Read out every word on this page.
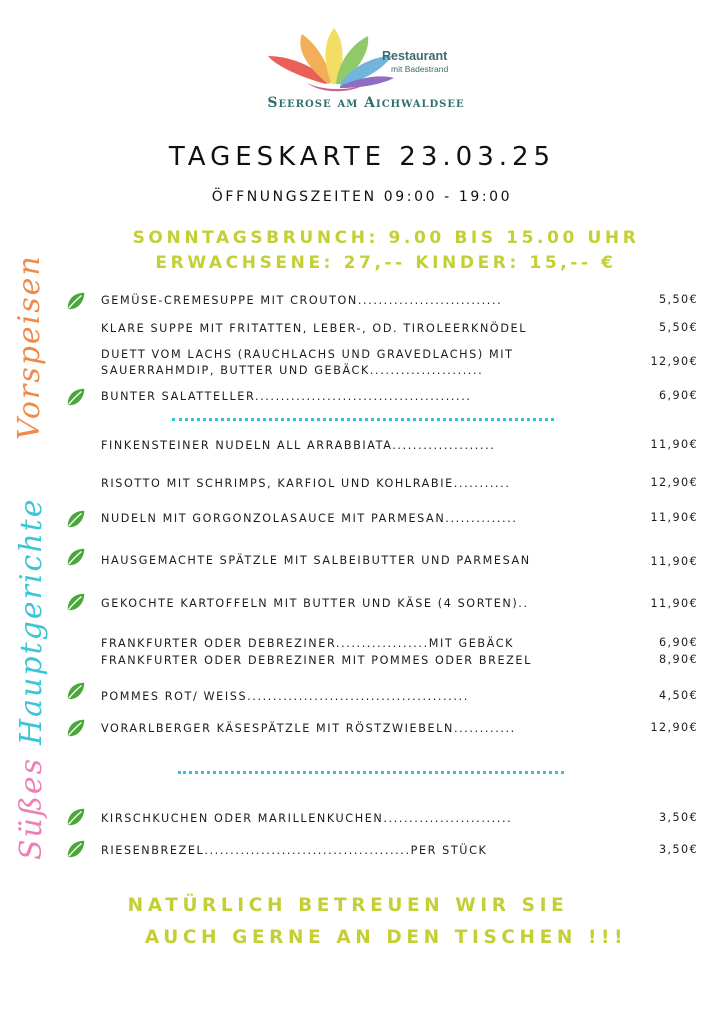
Restaurant
mit Badestrand
Seerose am Aichwaldsee
TAGESKARTE 23.03.25
ÖFFNUNGSZEITEN 09:00 - 19:00
SONNTAGSBRUNCH: 9.00 BIS 15.00 UHR
ERWACHSENE: 27,-- KINDER: 15,-- €
Vorspeisen
Hauptgerichte
Süßes
GEMÜSE-CREMESUPPE MIT CROUTON............................	5,50€
KLARE SUPPE MIT FRITATTEN, LEBER-, OD. TIROLEERKNÖDEL	5,50€
DUETT VOM LACHS (RAUCHLACHS UND GRAVEDLACHS) MIT
SAUERRAHMDIP, BUTTER UND GEBÄCK......................
12,90€
BUNTER SALATTELLER..........................................	6,90€
FINKENSTEINER NUDELN ALL ARRABBIATA....................	11,90€
RISOTTO MIT SCHRIMPS, KARFIOL UND KOHLRABIE...........	12,90€
NUDELN MIT GORGONZOLASAUCE MIT PARMESAN..............	11,90€
HAUSGEMACHTE SPÄTZLE MIT SALBEIBUTTER UND PARMESAN	11,90€
GEKOCHTE KARTOFFELN MIT BUTTER UND KÄSE (4 SORTEN)..	11,90€
FRANKFURTER ODER DEBREZINER..................MIT GEBÄCK	6,90€
FRANKFURTER ODER DEBREZINER MIT POMMES ODER BREZEL	8,90€
POMMES ROT/ WEISS...........................................	4,50€
VORARLBERGER KÄSESPÄTZLE MIT RÖSTZWIEBELN............	12,90€
KIRSCHKUCHEN ODER MARILLENKUCHEN.........................	3,50€
RIESENBREZEL........................................PER STÜCK	3,50€
NATÜRLICH BETREUEN WIR SIE
AUCH GERNE AN DEN TISCHEN !!!
